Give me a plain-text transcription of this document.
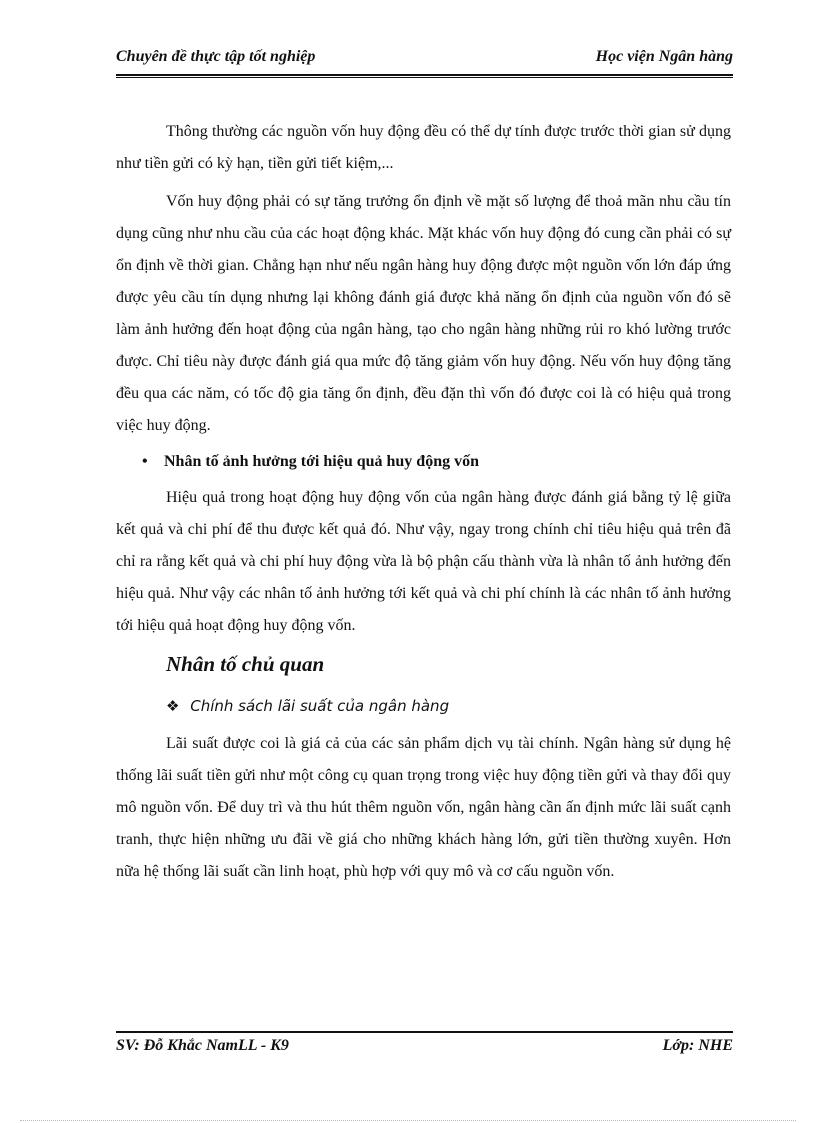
Chuyên đề thực tập tốt nghiệp	Học viện Ngân hàng

Thông thường các nguồn vốn huy động đều có thể dự tính được trước thời gian sử dụng như tiền gửi có kỳ hạn, tiền gửi tiết kiệm,...

Vốn huy động phải có sự tăng trưởng ổn định về mặt số lượng để thoả mãn nhu cầu tín dụng cũng như nhu cầu của các hoạt động khác. Mặt khác vốn huy động đó cung cần phải có sự ổn định về thời gian. Chẳng hạn như nếu ngân hàng huy động được một nguồn vốn lớn đáp ứng được yêu cầu tín dụng nhưng lại không đánh giá được khả năng ổn định của nguồn vốn đó sẽ làm ảnh hưởng đến hoạt động của ngân hàng, tạo cho ngân hàng những rủi ro khó lường trước được. Chỉ tiêu này được đánh giá qua mức độ tăng giảm vốn huy động. Nếu vốn huy động tăng đều qua các năm, có tốc độ gia tăng ổn định, đều đặn thì vốn đó được coi là có hiệu quả trong việc huy động.

• Nhân tố ảnh hưởng tới hiệu quả huy động vốn

Hiệu quả trong hoạt động huy động vốn của ngân hàng được đánh giá bằng tỷ lệ giữa kết quả và chi phí để thu được kết quả đó. Như vậy, ngay trong chính chỉ tiêu hiệu quả trên đã chỉ ra rằng kết quả và chi phí huy động vừa là bộ phận cấu thành vừa là nhân tố ảnh hưởng đến hiệu quả. Như vậy các nhân tố ảnh hưởng tới kết quả và chi phí chính là các nhân tố ảnh hưởng tới hiệu quả hoạt động huy động vốn.

Nhân tố chủ quan
❖ Chính sách lãi suất của ngân hàng

Lãi suất được coi là giá cả của các sản phẩm dịch vụ tài chính. Ngân hàng sử dụng hệ thống lãi suất tiền gửi như một công cụ quan trọng trong việc huy động tiền gửi và thay đổi quy mô nguồn vốn. Để duy trì và thu hút thêm nguồn vốn, ngân hàng cần ấn định mức lãi suất cạnh tranh, thực hiện những ưu đãi về giá cho những khách hàng lớn, gửi tiền thường xuyên. Hơn nữa hệ thống lãi suất cần linh hoạt, phù hợp với quy mô và cơ cấu nguồn vốn.

SV: Đỗ Khắc NamLL - K9	Lớp: NHE
